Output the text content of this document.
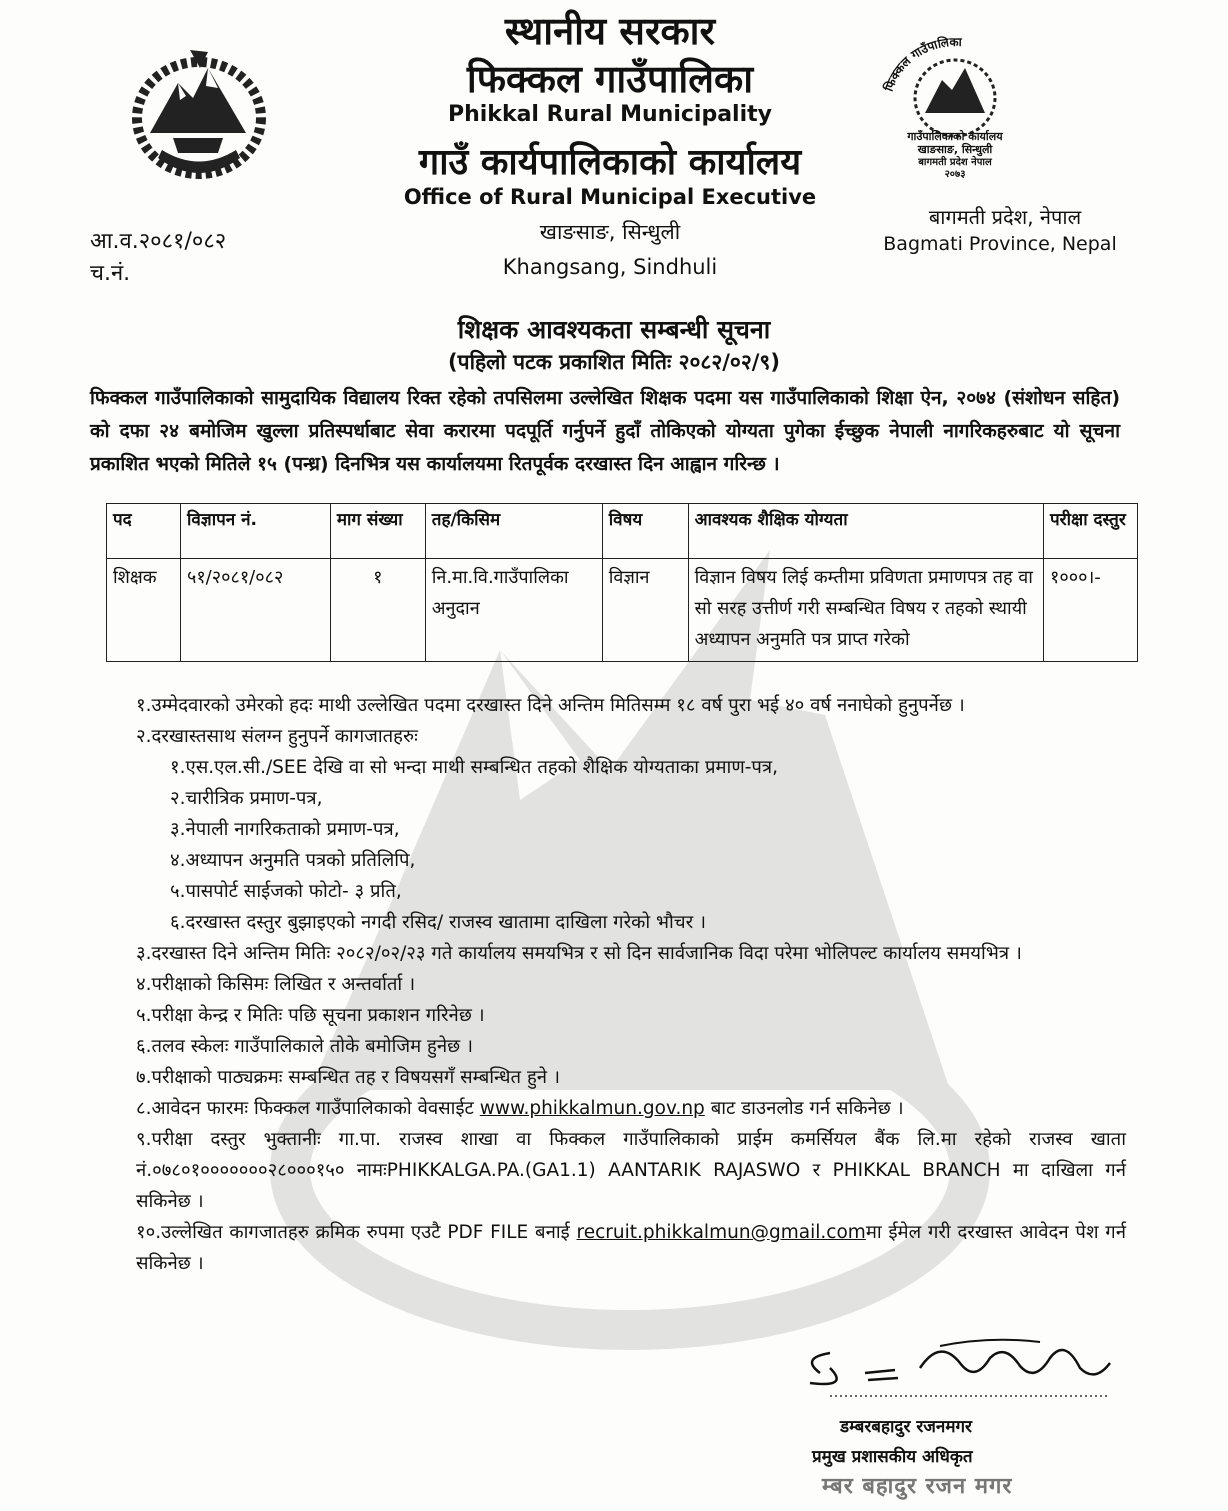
स्थानीय सरकार
फिक्कल गाउँपालिका
Phikkal Rural Municipality
गाउँ कार्यपालिकाको कार्यालय
Office of Rural Municipal Executive
खाङसाङ, सिन्धुली
Khangsang, Sindhuli
फिक्कल गाउँपालिका
गाउँपालिकाको कार्यालय
खाङसाङ, सिन्धुली
बागमती प्रदेश नेपाल
२०७३
बागमती प्रदेश, नेपाल
Bagmati Province, Nepal
आ.व.२०८१/०८२
च.नं.
शिक्षक आवश्यकता सम्बन्धी सूचना
(पहिलो पटक प्रकाशित मितिः २०८२/०२/९)
फिक्कल गाउँपालिकाको सामुदायिक विद्यालय रिक्त रहेको तपसिलमा उल्लेखित शिक्षक पदमा यस गाउँपालिकाको शिक्षा ऐन, २०७४ (संशोधन सहित) को दफा २४ बमोजिम खुल्ला प्रतिस्पर्धाबाट सेवा करारमा पदपूर्ति गर्नुपर्ने हुदाँ तोकिएको योग्यता पुगेका ईच्छुक नेपाली नागरिकहरुबाट यो सूचना प्रकाशित भएको मितिले १५ (पन्ध्र) दिनभित्र यस कार्यालयमा रितपूर्वक दरखास्त दिन आह्वान गरिन्छ ।
पद	विज्ञापन नं.	माग संख्या	तह/किसिम	विषय	आवश्यक शैक्षिक योग्यता	परीक्षा दस्तुर
शिक्षक	५१/२०८१/०८२	१	नि.मा.वि.गाउँपालिका अनुदान	विज्ञान	विज्ञान विषय लिई कम्तीमा प्रविणता प्रमाणपत्र तह वा सो सरह उत्तीर्ण गरी सम्बन्धित विषय र तहको स्थायी अध्यापन अनुमति पत्र प्राप्त गरेको	१०००।-

१.उम्मेदवारको उमेरको हदः माथी उल्लेखित पदमा दरखास्त दिने अन्तिम मितिसम्म १८ वर्ष पुरा भई ४० वर्ष ननाघेको हुनुपर्नेछ ।

२.दरखास्तसाथ संलग्न हुनुपर्ने कागजातहरुः

१.एस.एल.सी./SEE देखि वा सो भन्दा माथी सम्बन्धित तहको शैक्षिक योग्यताका प्रमाण-पत्र,

२.चारीत्रिक प्रमाण-पत्र,

३.नेपाली नागरिकताको प्रमाण-पत्र,

४.अध्यापन अनुमति पत्रको प्रतिलिपि,

५.पासपोर्ट साईजको फोटो- ३ प्रति,

६.दरखास्त दस्तुर बुझाइएको नगदी रसिद/ राजस्व खातामा दाखिला गरेको भौचर ।

३.दरखास्त दिने अन्तिम मितिः २०८२/०२/२३ गते कार्यालय समयभित्र र सो दिन सार्वजानिक विदा परेमा भोलिपल्ट कार्यालय समयभित्र ।

४.परीक्षाको किसिमः लिखित र अन्तर्वार्ता ।

५.परीक्षा केन्द्र र मितिः पछि सूचना प्रकाशन गरिनेछ ।

६.तलव स्केलः गाउँपालिकाले तोके बमोजिम हुनेछ ।

७.परीक्षाको पाठ्यक्रमः सम्बन्धित तह र विषयसगँ सम्बन्धित हुने ।

८.आवेदन फारमः फिक्कल गाउँपालिकाको वेवसाईट www.phikkalmun.gov.np बाट डाउनलोड गर्न सकिनेछ ।

९.परीक्षा दस्तुर भुक्तानीः गा.पा. राजस्व शाखा वा फिक्कल गाउँपालिकाको प्राईम कमर्सियल बैंक लि.मा रहेको राजस्व खाता नं.०७८०१०००००००२८०००१५० नामःPHIKKALGA.PA.(GA1.1) AANTARIK RAJASWO र PHIKKAL BRANCH मा दाखिला गर्न सकिनेछ ।

१०.उल्लेखित कागजातहरु क्रमिक रुपमा एउटै PDF FILE बनाई recruit.phikkalmun@gmail.comमा ईमेल गरी दरखास्त आवेदन पेश गर्न सकिनेछ ।

डम्बरबहादुर रजनमगर
प्रमुख प्रशासकीय अधिकृत
म्बर बहादुर रजन मगर
